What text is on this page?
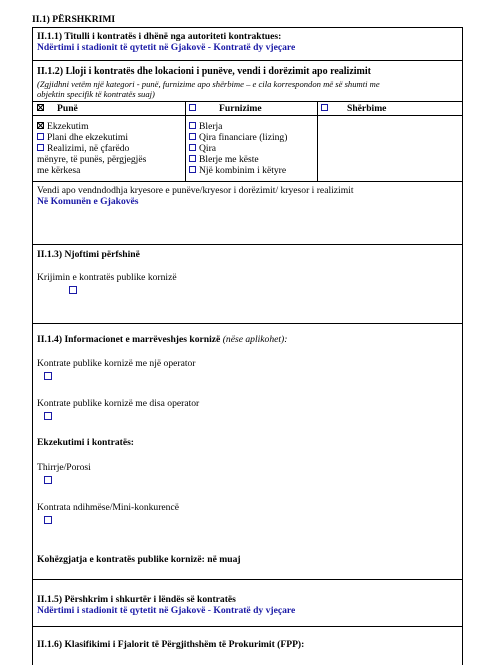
II.1) PËRSHKRIMI
II.1.1) Titulli i kontratës i dhënë nga autoriteti kontraktues:
Ndërtimi i stadionit të qytetit në Gjakovë - Kontratë dy vjeçare
II.1.2) Lloji i kontratës dhe lokacioni i punëve, vendi i dorëzimit apo realizimit
(Zgjidhni vetëm një kategori - punë, furnizime apo shërbime – e cila korrespondon më së shumti me
objektin specifik të kontratës suaj)
Punë	Furnizime	Shërbime
Ekzekutim
Plani dhe ekzekutimi
Realizimi, në çfarëdo
mënyre, të punës, përgjegjës
me kërkesa
Blerja
Qira financiare (lizing)
Qira
Blerje me këste
Një kombinim i këtyre
Vendi apo vendndodhja kryesore e punëve/kryesor i dorëzimit/ kryesor i realizimit
Në Komunën e Gjakovës
II.1.3) Njoftimi përfshinë
Krijimin e kontratës publike kornizë
II.1.4) Informacionet e marrëveshjes kornizë (nëse aplikohet):
Kontrate publike kornizë me një operator
Kontrate publike kornizë me disa operator
Ekzekutimi i kontratës:
Thirrje/Porosi
Kontrata ndihmëse/Mini-konkurencë
Kohëzgjatja e kontratës publike kornizë: në muaj
II.1.5) Përshkrim i shkurtër i lëndës së kontratës
Ndërtimi i stadionit të qytetit në Gjakovë - Kontratë dy vjeçare
II.1.6) Klasifikimi i Fjalorit të Përgjithshëm të Prokurimit (FPP):
